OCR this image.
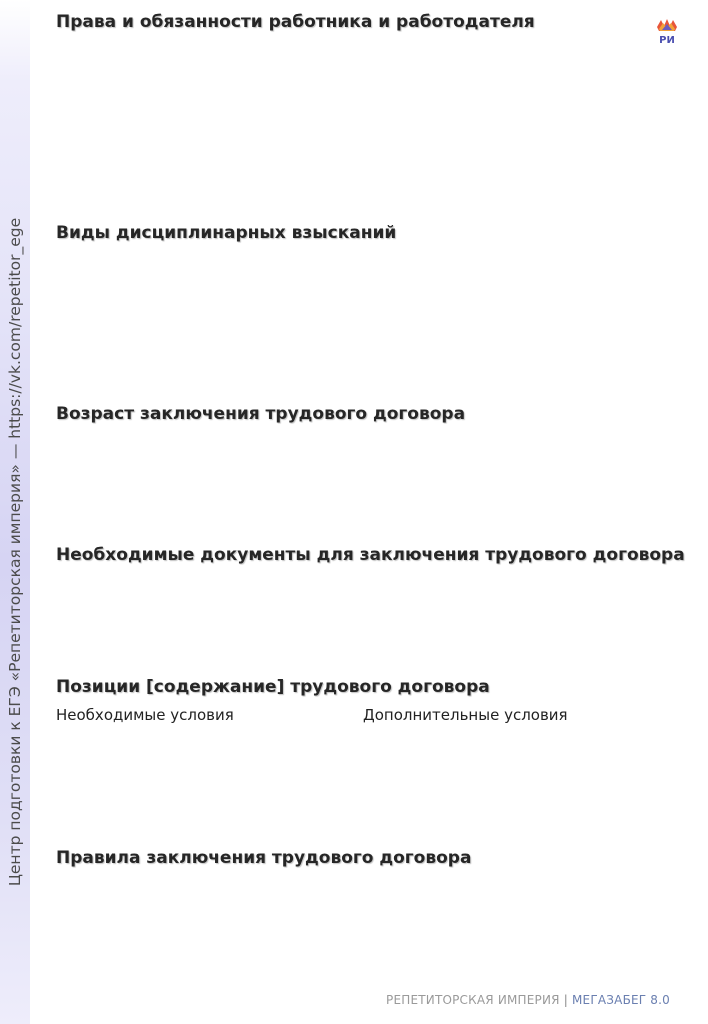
Центр подготовки к ЕГЭ «Репетиторская империя» — https://vk.com/repetitor_ege
РИ
Права и обязанности работника и работодателя
Виды дисциплинарных взысканий
Возраст заключения трудового договора
Необходимые документы для заключения трудового договора
Позиции [содержание] трудового договора
Необходимые условия	Дополнительные условия
Правила заключения трудового договора
РЕПЕТИТОРСКАЯ ИМПЕРИЯ | МЕГАЗАБЕГ 8.0
